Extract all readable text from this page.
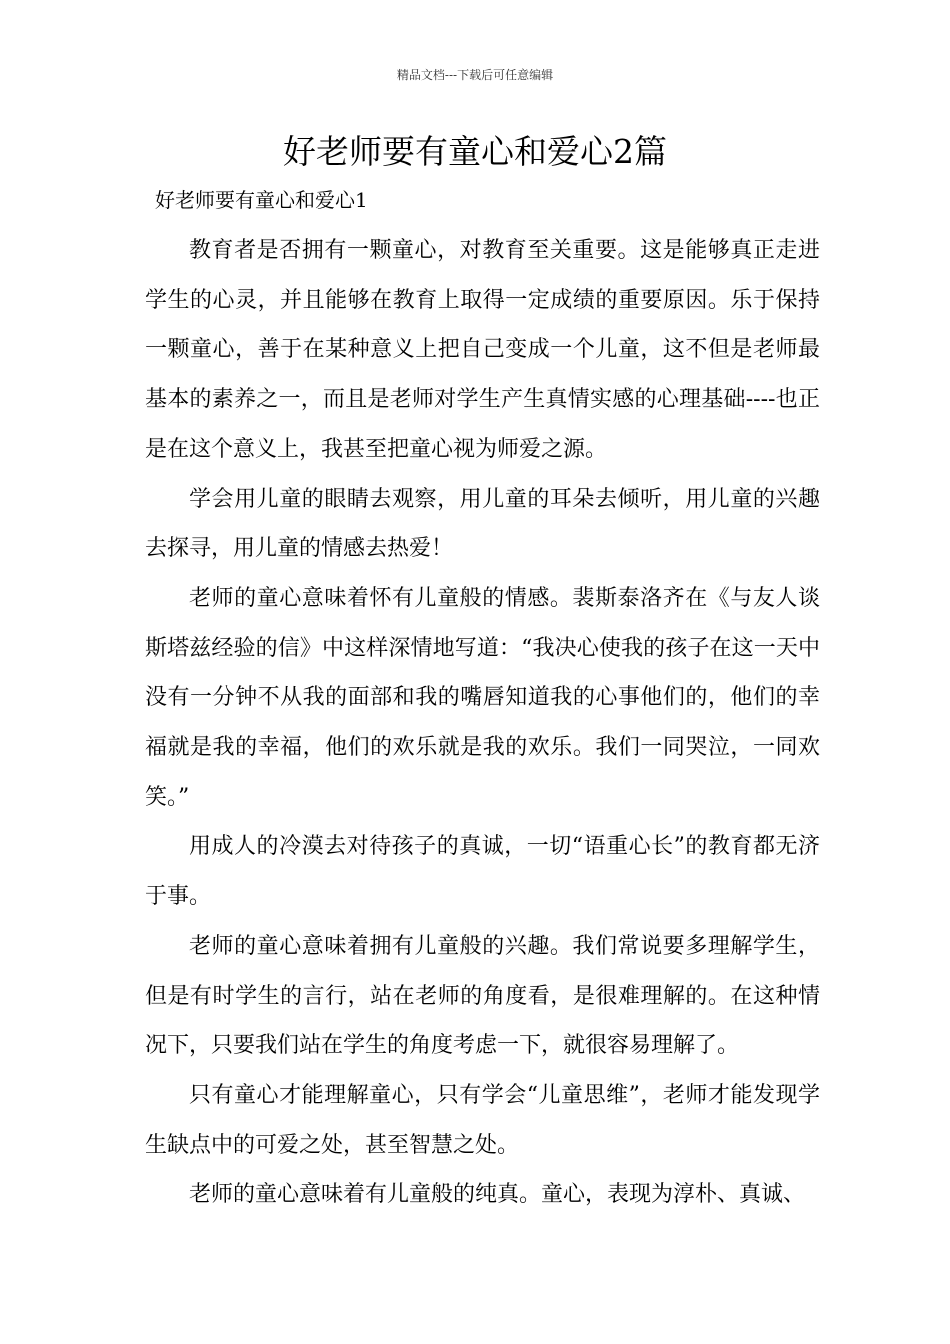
精品文档---下载后可任意编辑
好老师要有童心和爱心2篇

好老师要有童心和爱心1

教育者是否拥有一颗童心，对教育至关重要。这是能够真正走进学生的心灵，并且能够在教育上取得一定成绩的重要原因。乐于保持一颗童心，善于在某种意义上把自己变成一个儿童，这不但是老师最基本的素养之一，而且是老师对学生产生真情实感的心理基础----也正是在这个意义上，我甚至把童心视为师爱之源。

学会用儿童的眼睛去观察，用儿童的耳朵去倾听，用儿童的兴趣去探寻，用儿童的情感去热爱！

老师的童心意味着怀有儿童般的情感。裴斯泰洛齐在《与友人谈斯塔兹经验的信》中这样深情地写道：“我决心使我的孩子在这一天中没有一分钟不从我的面部和我的嘴唇知道我的心事他们的，他们的幸福就是我的幸福，他们的欢乐就是我的欢乐。我们一同哭泣，一同欢笑。”

用成人的冷漠去对待孩子的真诚，一切“语重心长”的教育都无济于事。

老师的童心意味着拥有儿童般的兴趣。我们常说要多理解学生，但是有时学生的言行，站在老师的角度看，是很难理解的。在这种情况下，只要我们站在学生的角度考虑一下，就很容易理解了。

只有童心才能理解童心，只有学会“儿童思维”，老师才能发现学生缺点中的可爱之处，甚至智慧之处。

老师的童心意味着有儿童般的纯真。童心，表现为淳朴、真诚、
